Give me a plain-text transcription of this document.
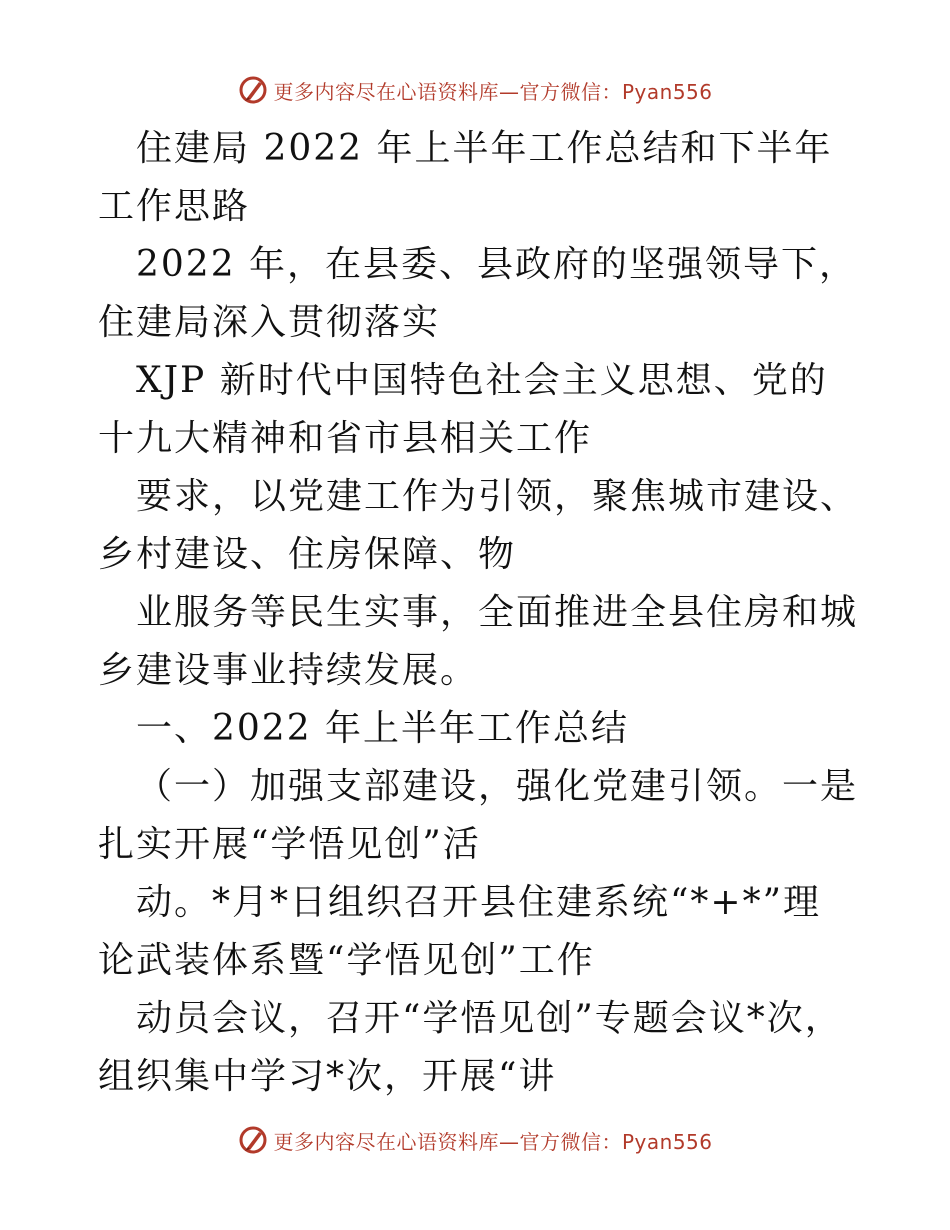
更多内容尽在心语资料库—官方微信：Pyan556

住建局 2022 年上半年工作总结和下半年工作思路

2022 年，在县委、县政府的坚强领导下，住建局深入贯彻落实

XJP 新时代中国特色社会主义思想、党的十九大精神和省市县相关工作

要求，以党建工作为引领，聚焦城市建设、乡村建设、住房保障、物

业服务等民生实事，全面推进全县住房和城乡建设事业持续发展。

一、2022 年上半年工作总结

（一）加强支部建设，强化党建引领。一是扎实开展“学悟见创”活

动。*月*日组织召开县住建系统“*+*”理论武装体系暨“学悟见创”工作

动员会议，召开“学悟见创”专题会议*次，组织集中学习*次，开展“讲

更多内容尽在心语资料库—官方微信：Pyan556
